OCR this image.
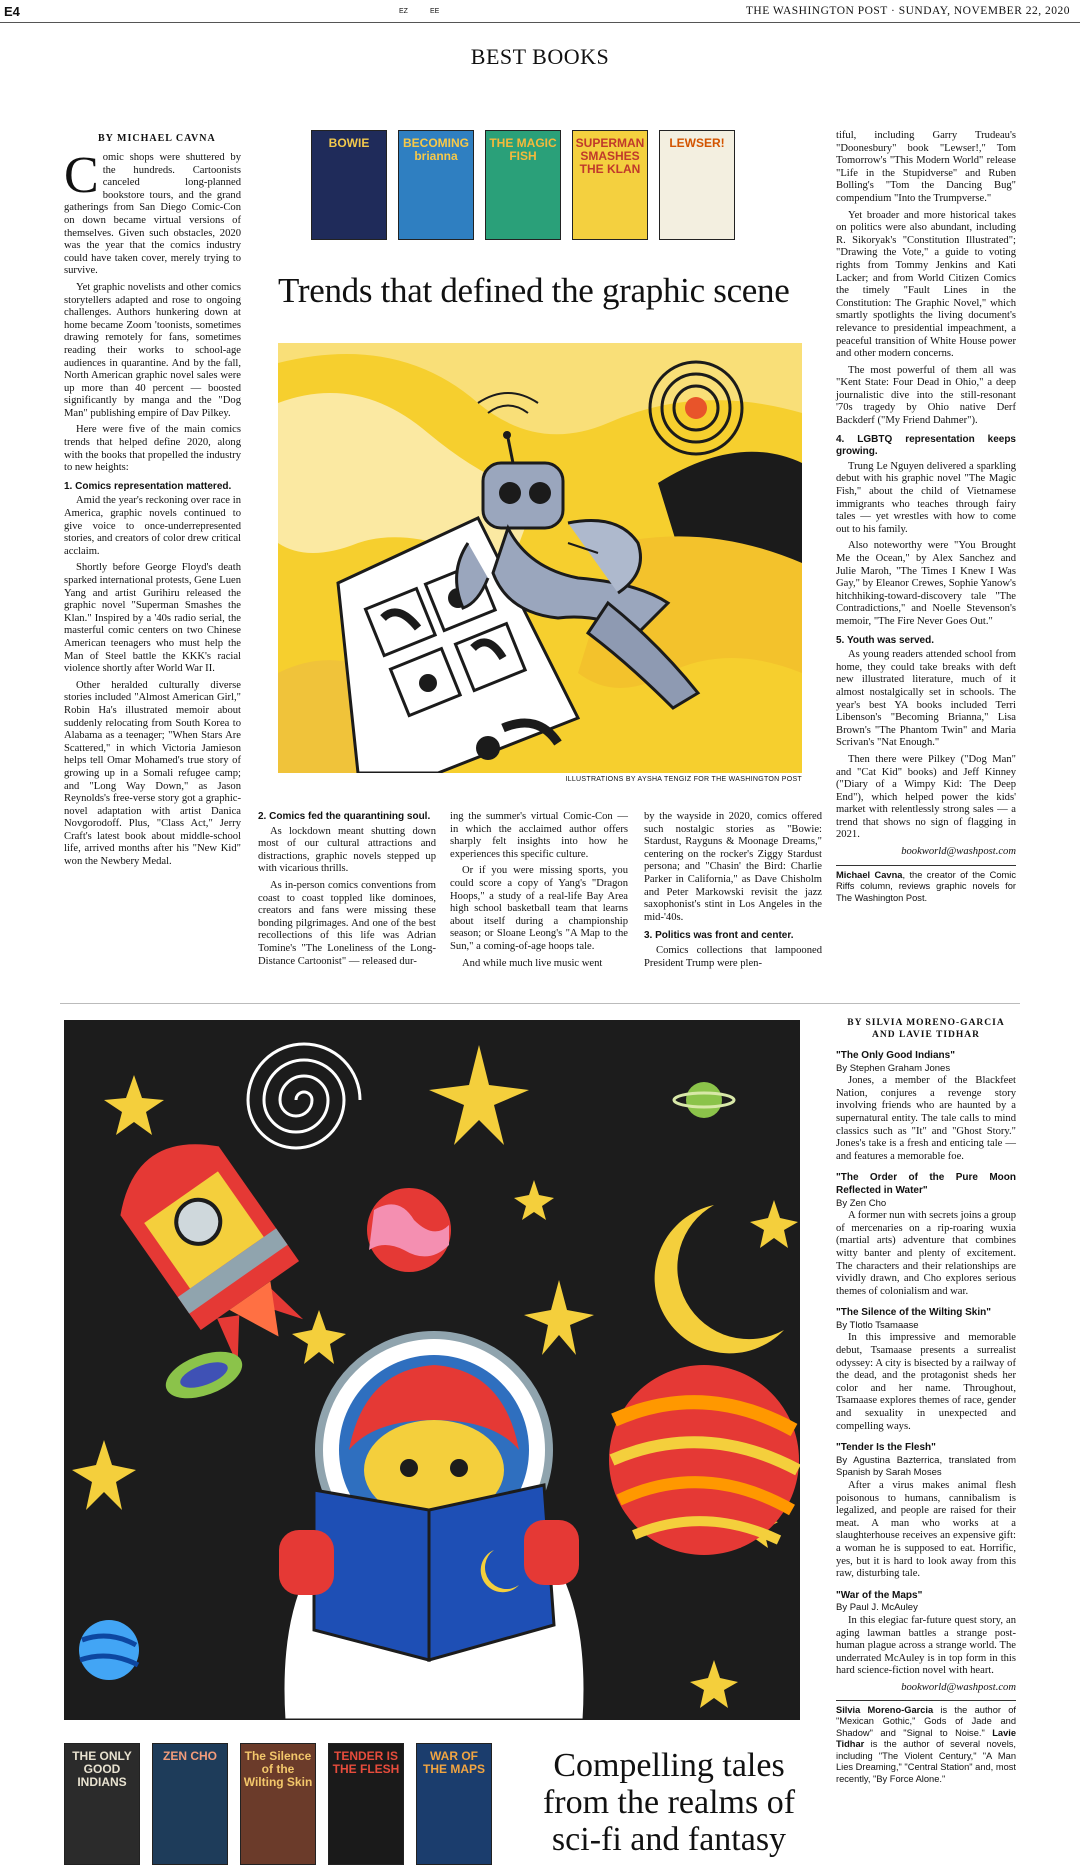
E4	EZ	EE	THE WASHINGTON POST · SUNDAY, NOVEMBER 22, 2020
BEST BOOKS
BY MICHAEL CAVNA

Comic shops were shuttered by the hundreds. Cartoonists canceled long-planned bookstore tours, and the grand gatherings from San Diego Comic-Con on down became virtual versions of themselves. Given such obstacles, 2020 was the year that the comics industry could have taken cover, merely trying to survive.

Yet graphic novelists and other comics storytellers adapted and rose to ongoing challenges. Authors hunkering down at home became Zoom 'toonists, sometimes drawing remotely for fans, sometimes reading their works to school-age audiences in quarantine. And by the fall, North American graphic novel sales were up more than 40 percent — boosted significantly by manga and the "Dog Man" publishing empire of Dav Pilkey.

Here were five of the main comics trends that helped define 2020, along with the books that propelled the industry to new heights:

1. Comics representation mattered.

Amid the year's reckoning over race in America, graphic novels continued to give voice to once-underrepresented stories, and creators of color drew critical acclaim.

Shortly before George Floyd's death sparked international protests, Gene Luen Yang and artist Gurihiru released the graphic novel "Superman Smashes the Klan." Inspired by a '40s radio serial, the masterful comic centers on two Chinese American teenagers who must help the Man of Steel battle the KKK's racial violence shortly after World War II.

Other heralded culturally diverse stories included "Almost American Girl," Robin Ha's illustrated memoir about suddenly relocating from South Korea to Alabama as a teenager; "When Stars Are Scattered," in which Victoria Jamieson helps tell Omar Mohamed's true story of growing up in a Somali refugee camp; and "Long Way Down," as Jason Reynolds's free-verse story got a graphic-novel adaptation with artist Danica Novgorodoff. Plus, "Class Act," Jerry Craft's latest book about middle-school life, arrived months after his "New Kid" won the Newbery Medal.

BOWIE	BECOMING brianna
THE MAGIC FISH
SUPERMAN SMASHES THE KLAN
LEWSER!
Trends that defined the graphic scene
ILLUSTRATIONS BY AYSHA TENGIZ FOR THE WASHINGTON POST
2. Comics fed the quarantining soul.

As lockdown meant shutting down most of our cultural attractions and distractions, graphic novels stepped up with vicarious thrills.

As in-person comics conventions from coast to coast toppled like dominoes, creators and fans were missing these bonding pilgrimages. And one of the best recollections of this life was Adrian Tomine's "The Loneliness of the Long-Distance Cartoonist" — released dur-

ing the summer's virtual Comic-Con — in which the acclaimed author offers sharply felt insights into how he experiences this specific culture.

Or if you were missing sports, you could score a copy of Yang's "Dragon Hoops," a study of a real-life Bay Area high school basketball team that learns about itself during a championship season; or Sloane Leong's "A Map to the Sun," a coming-of-age hoops tale.

And while much live music went

by the wayside in 2020, comics offered such nostalgic stories as "Bowie: Stardust, Rayguns & Moonage Dreams," centering on the rocker's Ziggy Stardust persona; and "Chasin' the Bird: Charlie Parker in California," as Dave Chisholm and Peter Markowski revisit the jazz saxophonist's stint in Los Angeles in the mid-'40s.

3. Politics was front and center.

Comics collections that lampooned President Trump were plen-

tiful, including Garry Trudeau's "Doonesbury" book "Lewser!," Tom Tomorrow's "This Modern World" release "Life in the Stupidverse" and Ruben Bolling's "Tom the Dancing Bug" compendium "Into the Trumpverse."

Yet broader and more historical takes on politics were also abundant, including R. Sikoryak's "Constitution Illustrated"; "Drawing the Vote," a guide to voting rights from Tommy Jenkins and Kati Lacker; and from World Citizen Comics the timely "Fault Lines in the Constitution: The Graphic Novel," which smartly spotlights the living document's relevance to presidential impeachment, a peaceful transition of White House power and other modern concerns.

The most powerful of them all was "Kent State: Four Dead in Ohio," a deep journalistic dive into the still-resonant '70s tragedy by Ohio native Derf Backderf ("My Friend Dahmer").

4. LGBTQ representation keeps growing.

Trung Le Nguyen delivered a sparkling debut with his graphic novel "The Magic Fish," about the child of Vietnamese immigrants who teaches through fairy tales — yet wrestles with how to come out to his family.

Also noteworthy were "You Brought Me the Ocean," by Alex Sanchez and Julie Maroh, "The Times I Knew I Was Gay," by Eleanor Crewes, Sophie Yanow's hitchhiking-toward-discovery tale "The Contradictions," and Noelle Stevenson's memoir, "The Fire Never Goes Out."

5. Youth was served.

As young readers attended school from home, they could take breaks with deft new illustrated literature, much of it almost nostalgically set in schools. The year's best YA books included Terri Libenson's "Becoming Brianna," Lisa Brown's "The Phantom Twin" and Maria Scrivan's "Nat Enough."

Then there were Pilkey ("Dog Man" and "Cat Kid" books) and Jeff Kinney ("Diary of a Wimpy Kid: The Deep End"), which helped power the kids' market with relentlessly strong sales — a trend that shows no sign of flagging in 2021.

bookworld@washpost.com
Michael Cavna, the creator of the Comic Riffs column, reviews graphic novels for The Washington Post.
THE ONLY GOOD INDIANS
ZEN CHO	The Silence of the Wilting Skin
TENDER IS THE FLESH
WAR OF THE MAPS	Compelling tales
from the realms of
sci-fi and fantasy
BY SILVIA MORENO-GARCIA
AND LAVIE TIDHAR
"The Only Good Indians"
By Stephen Graham Jones

Jones, a member of the Blackfeet Nation, conjures a revenge story involving friends who are haunted by a supernatural entity. The tale calls to mind classics such as "It" and "Ghost Story." Jones's take is a fresh and enticing tale — and features a memorable foe.

"The Order of the Pure Moon Reflected in Water"
By Zen Cho

A former nun with secrets joins a group of mercenaries on a rip-roaring wuxia (martial arts) adventure that combines witty banter and plenty of excitement. The characters and their relationships are vividly drawn, and Cho explores serious themes of colonialism and war.

"The Silence of the Wilting Skin"
By Tlotlo Tsamaase

In this impressive and memorable debut, Tsamaase presents a surrealist odyssey: A city is bisected by a railway of the dead, and the protagonist sheds her color and her name. Throughout, Tsamaase explores themes of race, gender and sexuality in unexpected and compelling ways.

"Tender Is the Flesh"
By Agustina Bazterrica, translated from Spanish by Sarah Moses

After a virus makes animal flesh poisonous to humans, cannibalism is legalized, and people are raised for their meat. A man who works at a slaughterhouse receives an expensive gift: a woman he is supposed to eat. Horrific, yes, but it is hard to look away from this raw, disturbing tale.

"War of the Maps"
By Paul J. McAuley

In this elegiac far-future quest story, an aging lawman battles a strange post-human plague across a strange world. The underrated McAuley is in top form in this hard science-fiction novel with heart.

bookworld@washpost.com
Silvia Moreno-Garcia is the author of "Mexican Gothic," Gods of Jade and Shadow" and "Signal to Noise." Lavie Tidhar is the author of several novels, including "The Violent Century," "A Man Lies Dreaming," "Central Station" and, most recently, "By Force Alone."
